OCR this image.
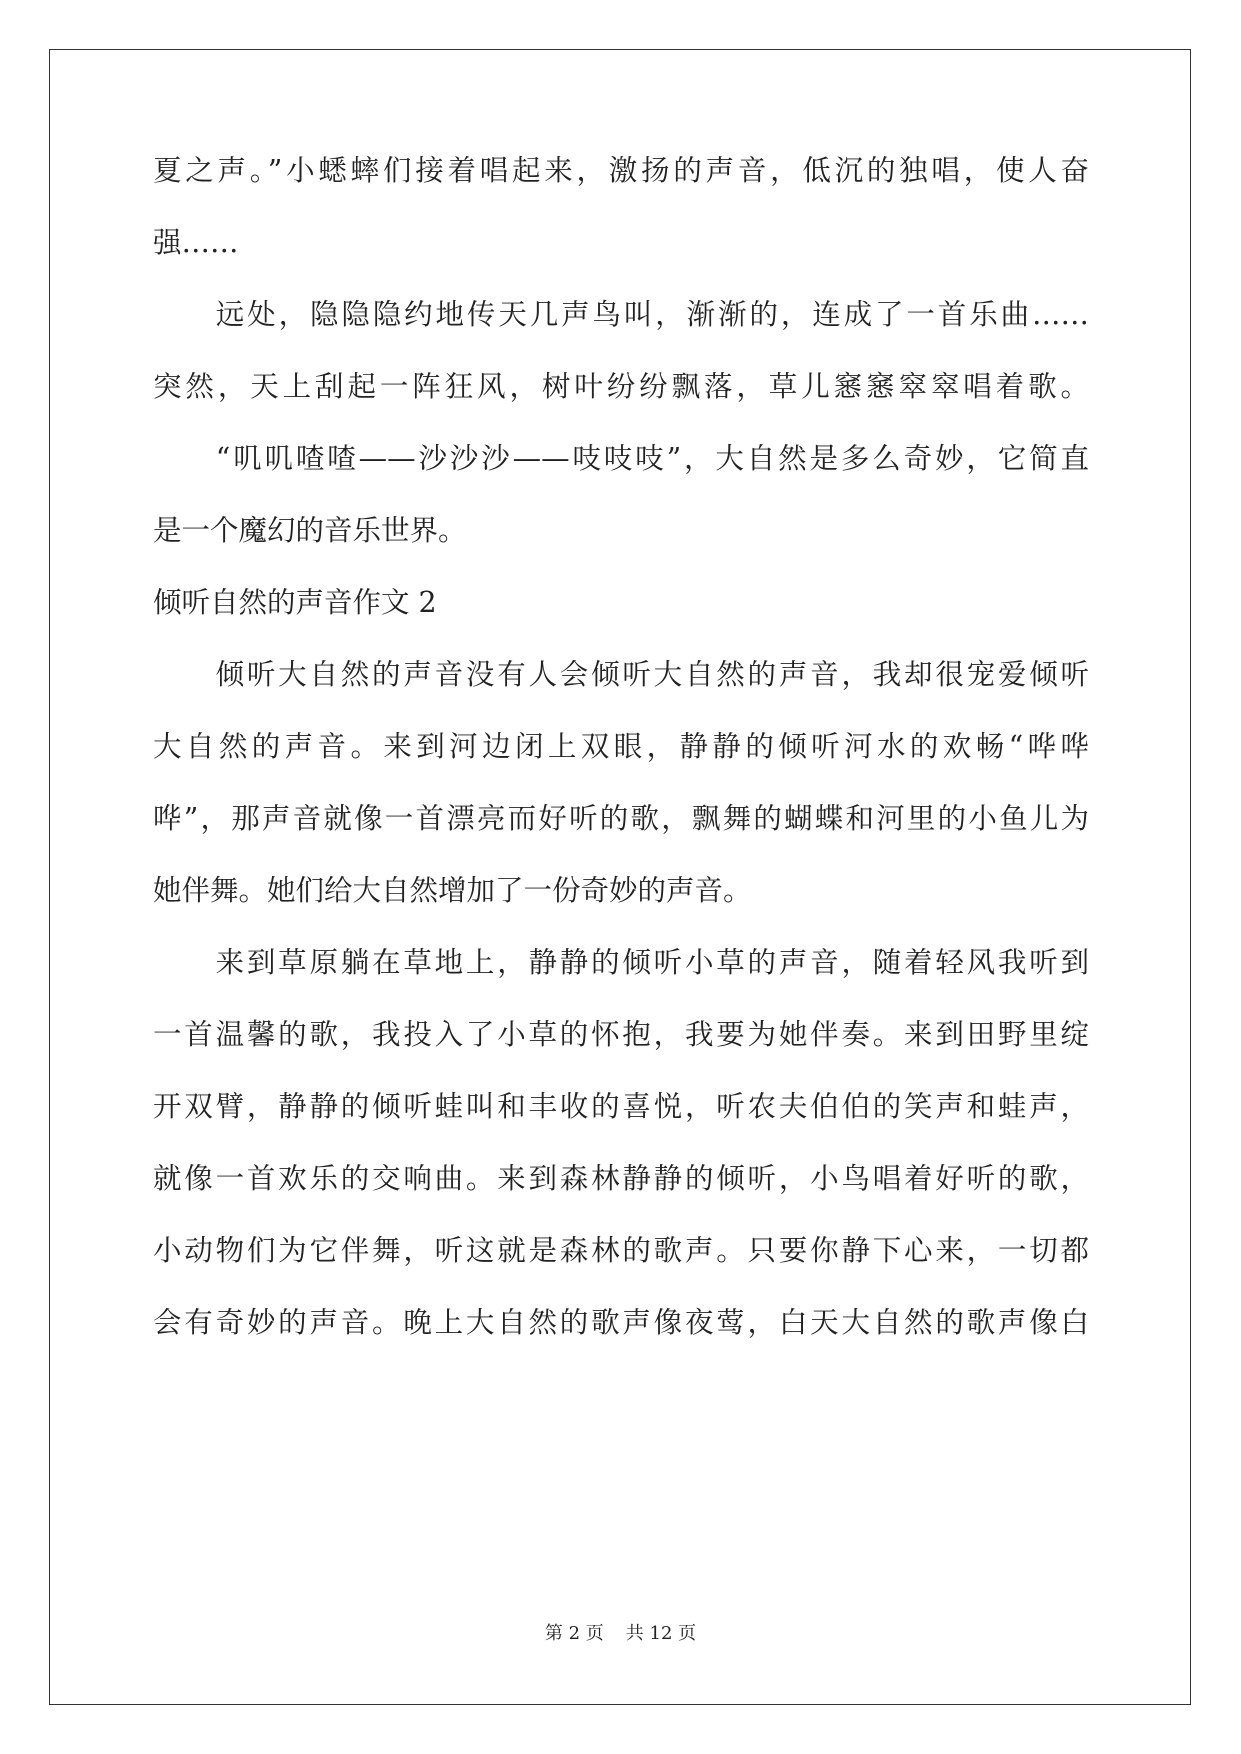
夏之声。”小蟋蟀们接着唱起来，激扬的声音，低沉的独唱，使人奋
强……
　　远处，隐隐隐约地传天几声鸟叫，渐渐的，连成了一首乐曲……
突然，天上刮起一阵狂风，树叶纷纷飘落，草儿窸窸窣窣唱着歌。
　　“叽叽喳喳——沙沙沙——吱吱吱”，大自然是多么奇妙，它简直
是一个魔幻的音乐世界。
倾听自然的声音作文 2
　　倾听大自然的声音没有人会倾听大自然的声音，我却很宠爱倾听
大自然的声音。来到河边闭上双眼，静静的倾听河水的欢畅“哗哗
哗”，那声音就像一首漂亮而好听的歌，飘舞的蝴蝶和河里的小鱼儿为
她伴舞。她们给大自然增加了一份奇妙的声音。
　　来到草原躺在草地上，静静的倾听小草的声音，随着轻风我听到
一首温馨的歌，我投入了小草的怀抱，我要为她伴奏。来到田野里绽
开双臂，静静的倾听蛙叫和丰收的喜悦，听农夫伯伯的笑声和蛙声，
就像一首欢乐的交响曲。来到森林静静的倾听，小鸟唱着好听的歌，
小动物们为它伴舞，听这就是森林的歌声。只要你静下心来，一切都
会有奇妙的声音。晚上大自然的歌声像夜莺，白天大自然的歌声像白
第 2 页 共 12 页
